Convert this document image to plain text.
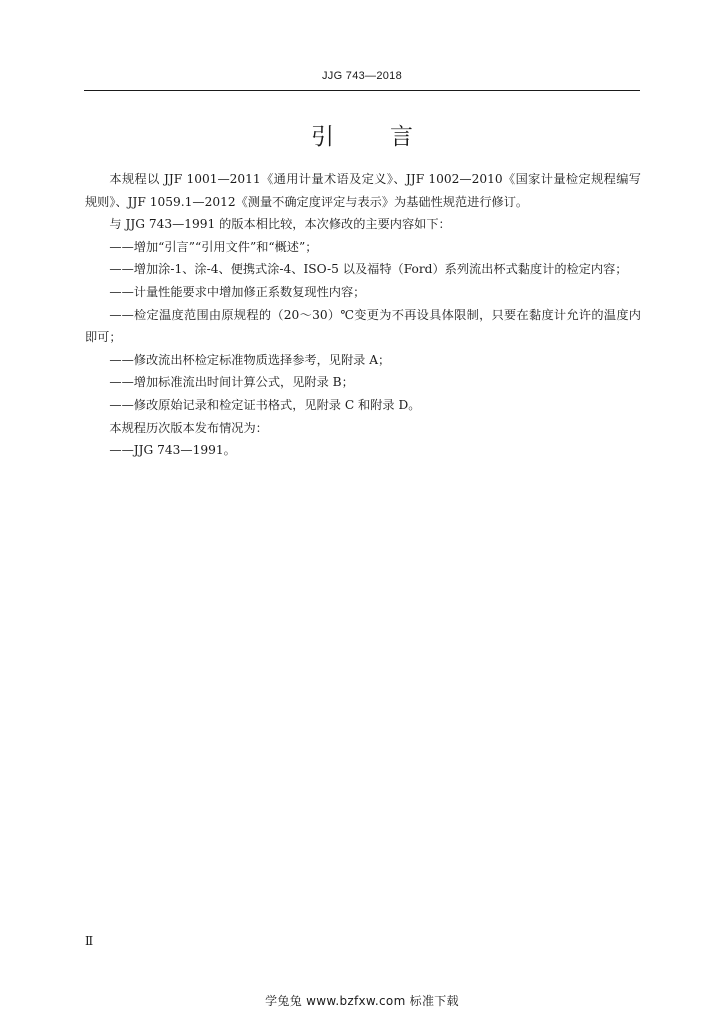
JJG 743—2018
引言

本规程以 JJF 1001—2011《通用计量术语及定义》、JJF 1002—2010《国家计量检定规程编写规则》、JJF 1059.1—2012《测量不确定度评定与表示》为基础性规范进行修订。

与 JJG 743—1991 的版本相比较，本次修改的主要内容如下：

——增加“引言”“引用文件”和“概述”；

——增加涂-1、涂-4、便携式涂-4、ISO-5 以及福特（Ford）系列流出杯式黏度计的检定内容；

——计量性能要求中增加修正系数复现性内容；

——检定温度范围由原规程的（20～30）℃变更为不再设具体限制，只要在黏度计允许的温度内即可；

——修改流出杯检定标准物质选择参考，见附录 A；

——增加标准流出时间计算公式，见附录 B；

——修改原始记录和检定证书格式，见附录 C 和附录 D。

本规程历次版本发布情况为：

——JJG 743—1991。

Ⅱ
学兔兔 www.bzfxw.com 标准下载
